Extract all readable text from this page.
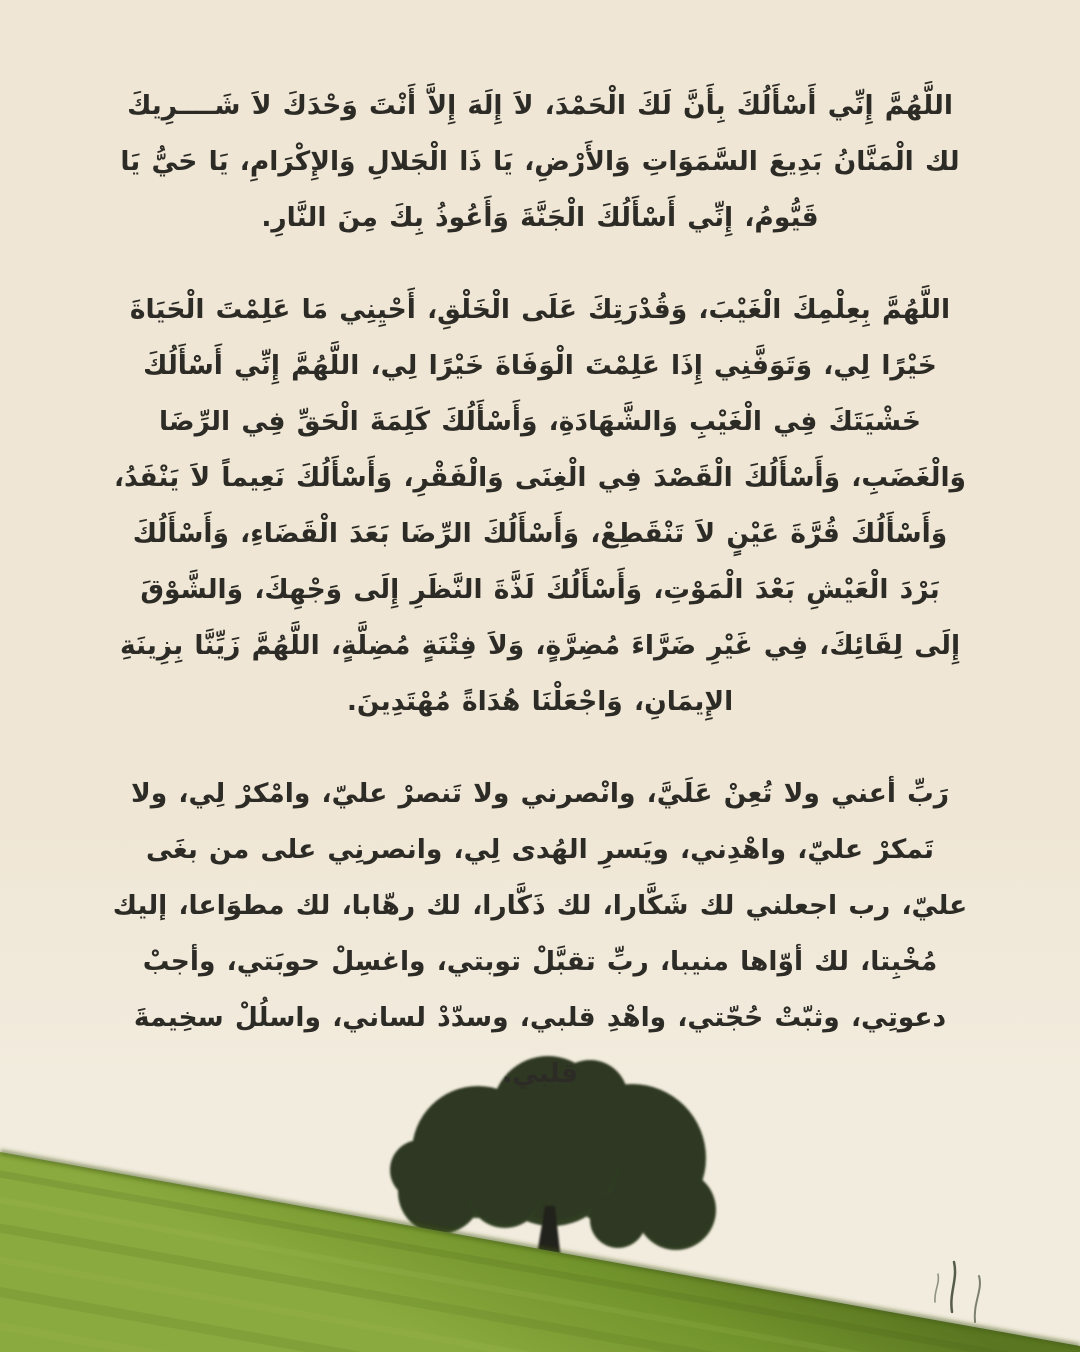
اللَّهُمَّ إِنِّي أَسْأَلُكَ بِأَنَّ لَكَ الْحَمْدَ، لاَ إِلَهَ إِلاَّ أَنْتَ وَحْدَكَ لاَ شَــــرِيكَ لك الْمَنَّانُ بَدِيعَ السَّمَوَاتِ وَالأَرْضِ، يَا ذَا الْجَلالِ وَالإِكْرَامِ، يَا حَيُّ يَا قَيُّومُ، إِنِّي أَسْأَلُكَ الْجَنَّةَ وَأَعُوذُ بِكَ مِنَ النَّارِ.

اللَّهُمَّ بِعِلْمِكَ الْغَيْبَ، وَقُدْرَتِكَ عَلَى الْخَلْقِ، أَحْيِنِي مَا عَلِمْتَ الْحَيَاةَ خَيْرًا لِي، وَتَوَفَّنِي إِذَا عَلِمْتَ الْوَفَاةَ خَيْرًا لِي، اللَّهُمَّ إِنِّي أَسْأَلُكَ خَشْيَتَكَ فِي الْغَيْبِ وَالشَّهَادَةِ، وَأَسْأَلُكَ كَلِمَةَ الْحَقِّ فِي الرِّضَا وَالْغَضَبِ، وَأَسْأَلُكَ الْقَصْدَ فِي الْغِنَى وَالْفَقْرِ، وَأَسْأَلُكَ نَعِيماً لاَ يَنْفَدُ، وَأَسْأَلُكَ قُرَّةَ عَيْنٍ لاَ تَنْقَطِعْ، وَأَسْأَلُكَ الرِّضَا بَعَدَ الْقَضَاءِ، وَأَسْأَلُكَ بَرْدَ الْعَيْشِ بَعْدَ الْمَوْتِ، وَأَسْأَلُكَ لَذَّةَ النَّظَرِ إِلَى وَجْهِكَ، وَالشَّوْقَ إِلَى لِقَائِكَ، فِي غَيْرِ ضَرَّاءَ مُضِرَّةٍ، وَلاَ فِتْنَةٍ مُضِلَّةٍ، اللَّهُمَّ زَيِّنَّا بِزِينَةِ الإِيمَانِ، وَاجْعَلْنَا هُدَاةً مُهْتَدِينَ.

رَبِّ أعني ولا تُعِنْ عَلَيَّ، وانْصرني ولا تَنصرْ عليّ، وامْكرْ لِي، ولا تَمكرْ عليّ، واهْدِني، ويَسرِ الهُدى لِي، وانصرنِي على من بغَى عليّ، رب اجعلني لك شَكَّارا، لك ذَكَّارا، لك رهّابا، لك مطوَاعا، إليك مُخْبِتا، لك أوّاها منيبا، ربِّ تقبَّلْ توبتي، واغسِلْ حوبَتي، وأجبْ دعوتِي، وثبّتْ حُجّتي، واهْدِ قلبي، وسدّدْ لساني، واسلُلْ سخِيمةَ قلبي.
